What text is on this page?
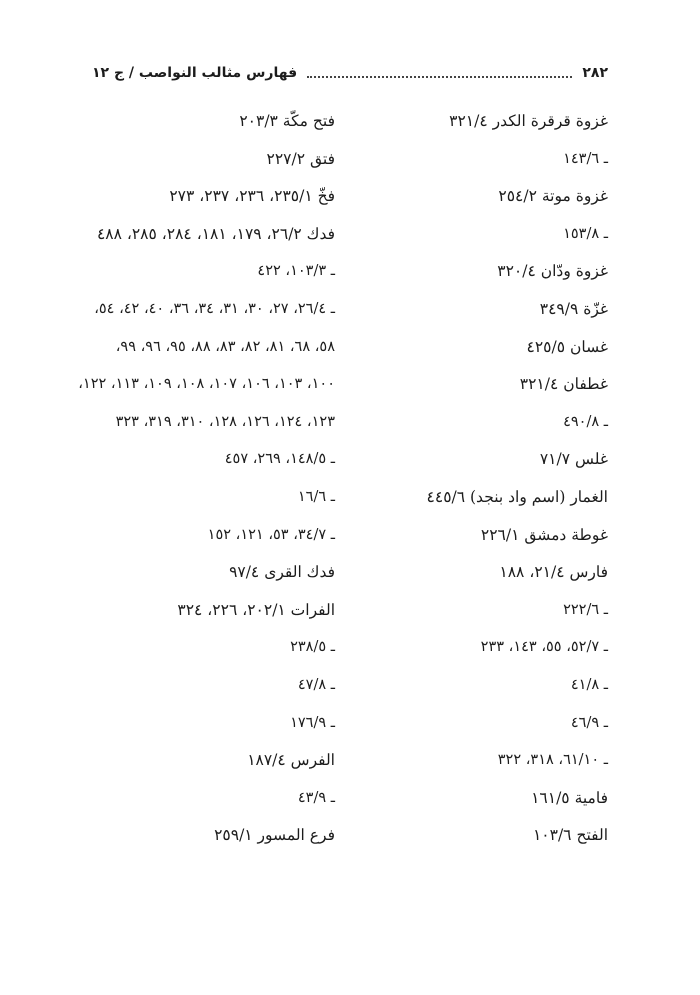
٢٨٢
فهارس مثالب النواصب / ج ١٢
غزوة قرقرة الكدر ٣٢١/٤
ـ ١٤٣/٦
غزوة موتة ٢٥٤/٢
ـ ١٥٣/٨
غزوة ودّان ٣٢٠/٤
غزّة ٣٤٩/٩
غسان ٤٢٥/٥
غطفان ٣٢١/٤
ـ ٤٩٠/٨
غلس ٧١/٧
الغمار (اسم واد بنجد) ٤٤٥/٦
غوطة دمشق ٢٢٦/١
فارس ٢١/٤، ١٨٨
ـ ٢٢٢/٦
ـ ٥٢/٧، ٥٥، ١٤٣، ٢٣٣
ـ ٤١/٨
ـ ٤٦/٩
ـ ٦١/١٠، ٣١٨، ٣٢٢
فامية ١٦١/٥
الفتح ١٠٣/٦
فتح مكّة ٢٠٣/٣
فتق ٢٢٧/٢
فخّ ٢٣٥/١، ٢٣٦، ٢٣٧، ٢٧٣
فدك ٢٦/٢، ١٧٩، ١٨١، ٢٨٤، ٢٨٥، ٤٨٨
ـ ١٠٣/٣، ٤٢٢
ـ ٢٦/٤، ٢٧، ٣٠، ٣١، ٣٤، ٣٦، ٤٠، ٤٢، ٥٤،
٥٨، ٦٨، ٨١، ٨٢، ٨٣، ٨٨، ٩٥، ٩٦، ٩٩،
١٠٠، ١٠٣، ١٠٦، ١٠٧، ١٠٨، ١٠٩، ١١٣، ١٢٢،
١٢٣، ١٢٤، ١٢٦، ١٢٨، ٣١٠، ٣١٩، ٣٢٣
ـ ١٤٨/٥، ٢٦٩، ٤٥٧
ـ ١٦/٦
ـ ٣٤/٧، ٥٣، ١٢١، ١٥٢
فدك القرى ٩٧/٤
الفرات ٢٠٢/١، ٢٢٦، ٣٢٤
ـ ٢٣٨/٥
ـ ٤٧/٨
ـ ١٧٦/٩
الفرس ١٨٧/٤
ـ ٤٣/٩
فرع المسور ٢٥٩/١
